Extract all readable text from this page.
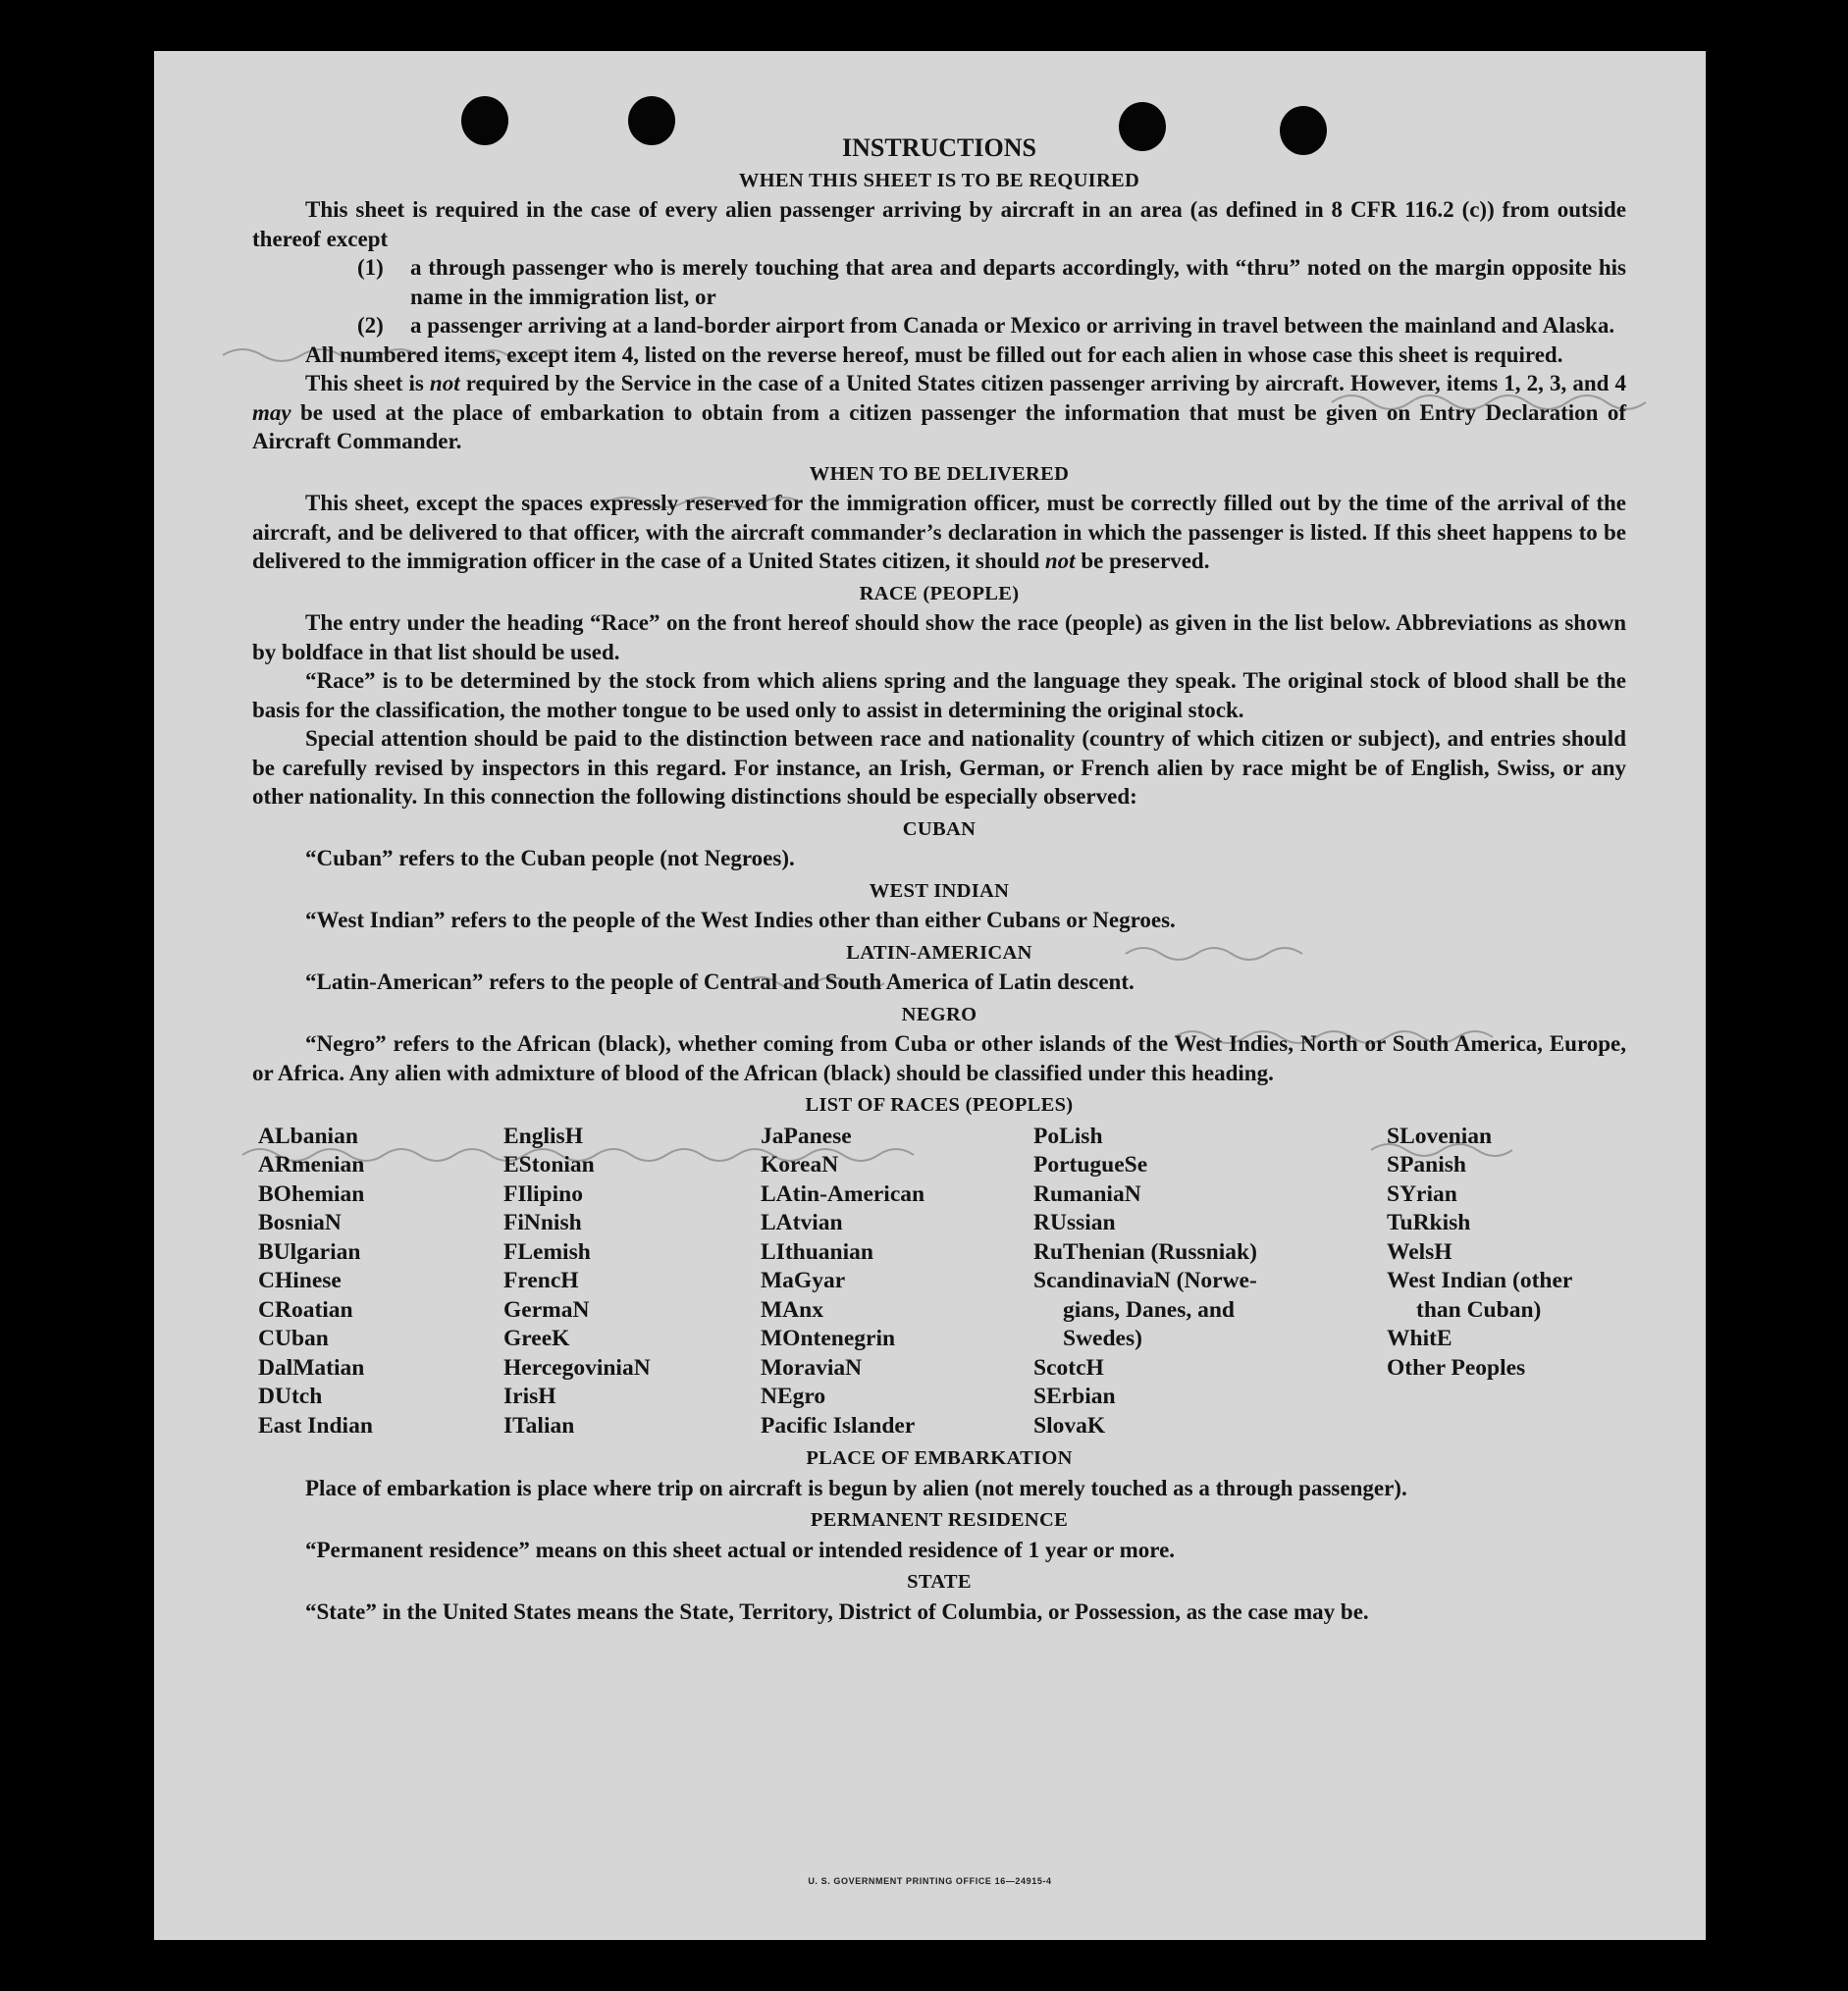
INSTRUCTIONS
WHEN THIS SHEET IS TO BE REQUIRED

This sheet is required in the case of every alien passenger arriving by aircraft in an area (as defined in 8 CFR 116.2 (c)) from outside thereof except

(1)	a through passenger who is merely touching that area and departs accordingly, with “thru” noted on the margin opposite his name in the immigration list, or
(2)	a passenger arriving at a land-border airport from Canada or Mexico or arriving in travel between the mainland and Alaska.

All numbered items, except item 4, listed on the reverse hereof, must be filled out for each alien in whose case this sheet is required.

This sheet is not required by the Service in the case of a United States citizen passenger arriving by aircraft. However, items 1, 2, 3, and 4 may be used at the place of embarkation to obtain from a citizen passenger the information that must be given on Entry Declaration of Aircraft Commander.

WHEN TO BE DELIVERED

This sheet, except the spaces expressly reserved for the immigration officer, must be correctly filled out by the time of the arrival of the aircraft, and be delivered to that officer, with the aircraft commander’s declaration in which the passenger is listed. If this sheet happens to be delivered to the immigration officer in the case of a United States citizen, it should not be preserved.

RACE (PEOPLE)

The entry under the heading “Race” on the front hereof should show the race (people) as given in the list below. Abbreviations as shown by boldface in that list should be used.

“Race” is to be determined by the stock from which aliens spring and the language they speak. The original stock of blood shall be the basis for the classification, the mother tongue to be used only to assist in determining the original stock.

Special attention should be paid to the distinction between race and nationality (country of which citizen or subject), and entries should be carefully revised by inspectors in this regard. For instance, an Irish, German, or French alien by race might be of English, Swiss, or any other nationality. In this connection the following distinctions should be especially observed:

CUBAN

“Cuban” refers to the Cuban people (not Negroes).

WEST INDIAN

“West Indian” refers to the people of the West Indies other than either Cubans or Negroes.

LATIN-AMERICAN

“Latin-American” refers to the people of Central and South America of Latin descent.

NEGRO

“Negro” refers to the African (black), whether coming from Cuba or other islands of the West Indies, North or South America, Europe, or Africa. Any alien with admixture of blood of the African (black) should be classified under this heading.

LIST OF RACES (PEOPLES)
ALbanian
ARmenian
BOhemian
BosniaN
BUlgarian
CHinese
CRoatian
CUban
DalMatian
DUtch
East Indian
EnglisH
EStonian
FIlipino
FiNnish
FLemish
FrencH
GermaN
GreeK
HercegoviniaN
IrisH
ITalian
JaPanese
KoreaN
LAtin-American
LAtvian
LIthuanian
MaGyar
MAnx
MOntenegrin
MoraviaN
NEgro
Pacific Islander
PoLish
PortugueSe
RumaniaN
RUssian
RuThenian (Russniak)
ScandinaviaN (Norwe-
gians, Danes, and
Swedes)
ScotcH
SErbian
SlovaK
SLovenian
SPanish
SYrian
TuRkish
WelsH
West Indian (other
than Cuban)
WhitE
Other Peoples
PLACE OF EMBARKATION

Place of embarkation is place where trip on aircraft is begun by alien (not merely touched as a through passenger).

PERMANENT RESIDENCE

“Permanent residence” means on this sheet actual or intended residence of 1 year or more.

STATE

“State” in the United States means the State, Territory, District of Columbia, or Possession, as the case may be.

U. S. GOVERNMENT PRINTING OFFICE 16—24915-4
